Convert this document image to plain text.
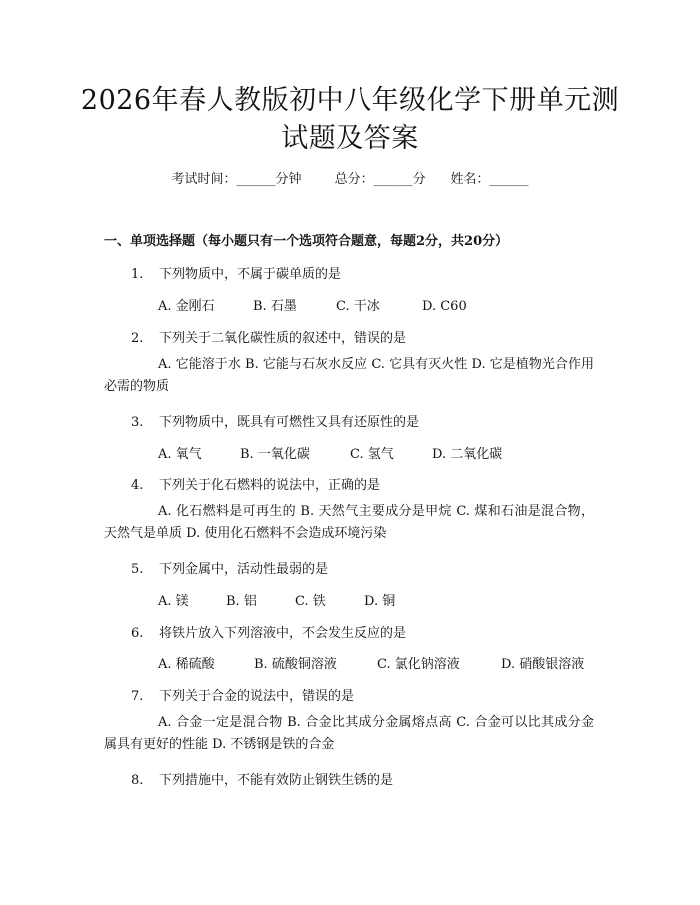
2026年春人教版初中八年级化学下册单元测
试题及答案
考试时间：______分钟	总分：______分 姓名：______
一、单项选择题（每小题只有一个选项符合题意，每题2分，共20分）
1. 下列物质中，不属于碳单质的是
A. 金刚石	B. 石墨	C. 干冰	D. C60
2. 下列关于二氧化碳性质的叙述中，错误的是
A. 它能溶于水 B. 它能与石灰水反应 C. 它具有灭火性 D. 它是植物光合作用必需的物质
3. 下列物质中，既具有可燃性又具有还原性的是
A. 氧气	B. 一氧化碳	C. 氢气	D. 二氧化碳
4. 下列关于化石燃料的说法中，正确的是
A. 化石燃料是可再生的 B. 天然气主要成分是甲烷 C. 煤和石油是混合物，天然气是单质 D. 使用化石燃料不会造成环境污染
5. 下列金属中，活动性最弱的是
A. 镁	B. 铝	C. 铁	D. 铜
6. 将铁片放入下列溶液中，不会发生反应的是
A. 稀硫酸	B. 硫酸铜溶液	C. 氯化钠溶液	D. 硝酸银溶液
7. 下列关于合金的说法中，错误的是
A. 合金一定是混合物 B. 合金比其成分金属熔点高 C. 合金可以比其成分金属具有更好的性能 D. 不锈钢是铁的合金
8. 下列措施中，不能有效防止钢铁生锈的是
